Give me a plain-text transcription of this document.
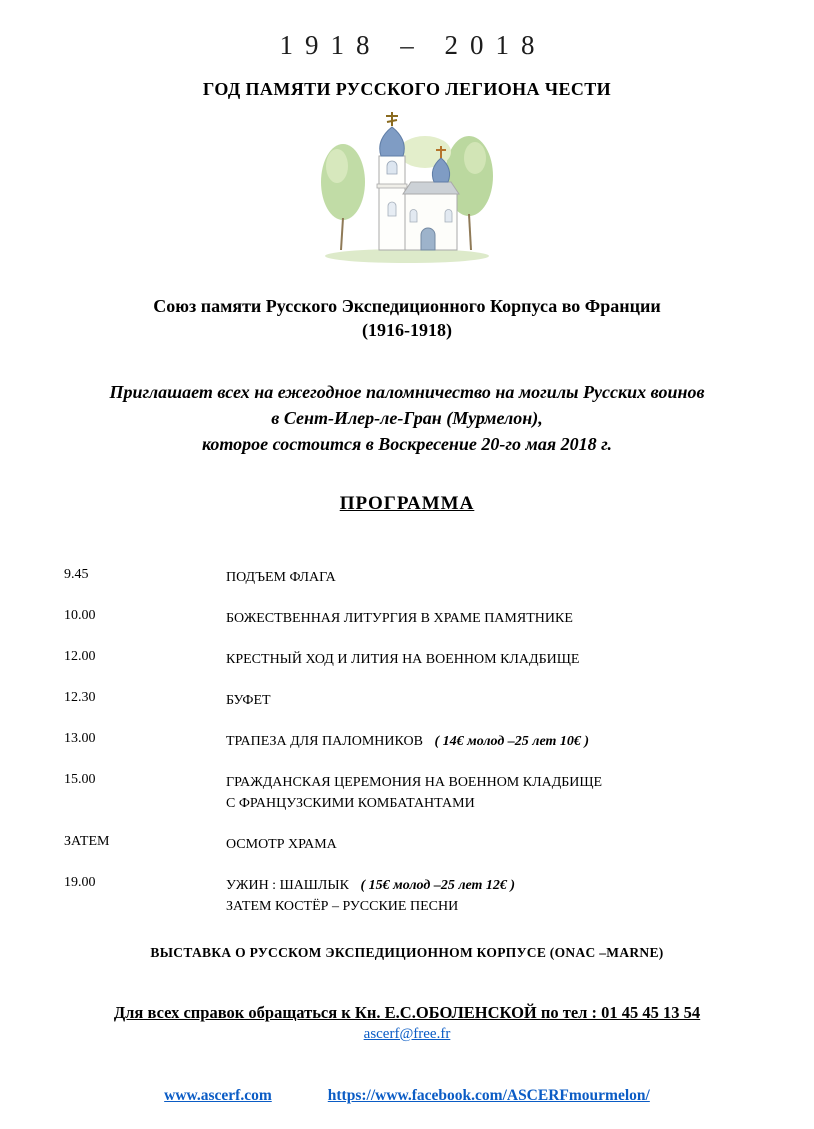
1918 – 2018
ГОД ПАМЯТИ РУССКОГО ЛЕГИОНА ЧЕСТИ
Союз памяти Русского Экспедиционного Корпуса во Франции
(1916-1918)
Приглашает всех на ежегодное паломничество на могилы Русских воинов
в Сент-Илер-ле-Гран (Мурмелон),
которое состоится в Воскресение 20-го мая 2018 г.
ПРОГРАММА
9.45	ПОДЪЕМ ФЛАГА
10.00	БОЖЕСТВЕННАЯ ЛИТУРГИЯ В ХРАМЕ ПАМЯТНИКЕ
12.00	КРЕСТНЫЙ ХОД И ЛИТИЯ НА ВОЕННОМ КЛАДБИЩЕ
12.30	БУФЕТ
13.00	ТРАПЕЗА ДЛЯ ПАЛОМНИКОВ ( 14€ молод –25 лет 10€ )
15.00	ГРАЖДАНСКАЯ ЦЕРЕМОНИЯ НА ВОЕННОМ КЛАДБИЩЕ
С ФРАНЦУЗСКИМИ КОМБАТАНТАМИ
ЗАТЕМ	ОСМОТР ХРАМА
19.00	УЖИН : ШАШЛЫК ( 15€ молод –25 лет 12€ )
ЗАТЕМ КОСТЁР – РУССКИЕ ПЕСНИ
ВЫСТАВКА О РУССКОМ ЭКСПЕДИЦИОННОМ КОРПУСЕ (ONAC –MARNE)
Для всех справок обращаться к Кн. Е.С.ОБОЛЕНСКОЙ по тел : 01 45 45 13 54
ascerf@free.fr
www.ascerf.com	https://www.facebook.com/ASCERFmourmelon/
